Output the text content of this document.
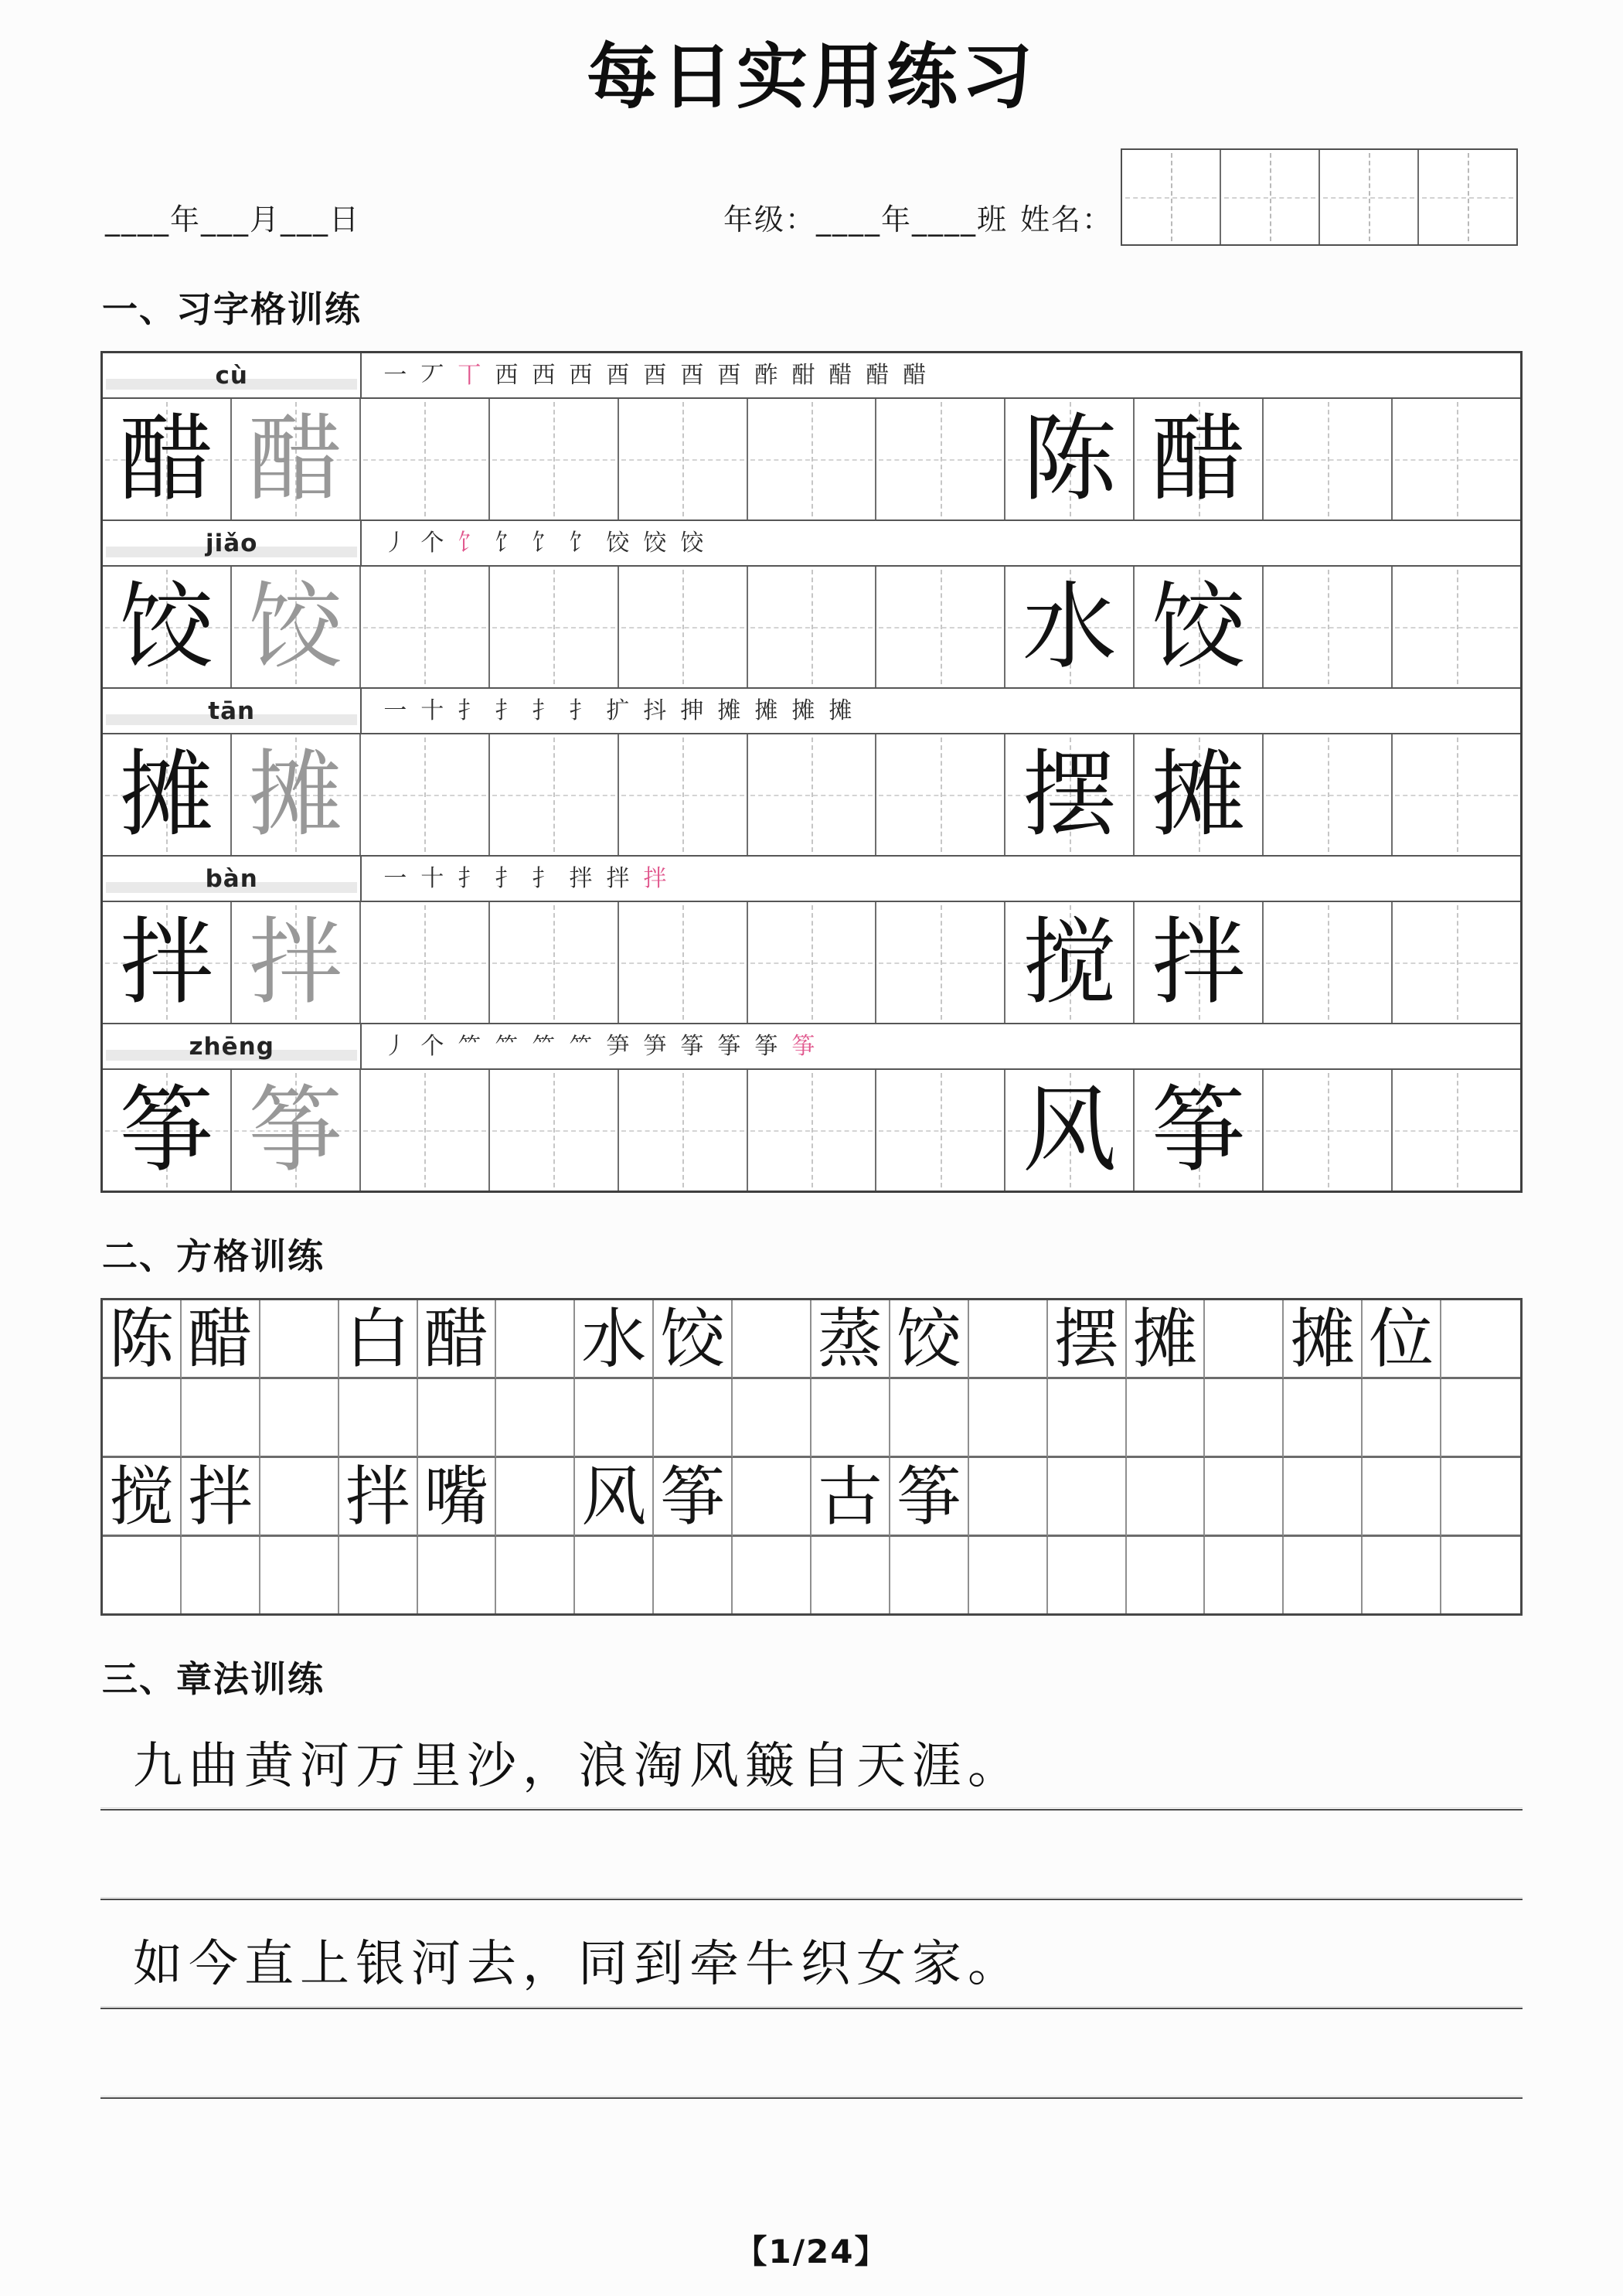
每日实用练习
____年___月___日	年级：____年____班 姓名：
一、习字格训练
cù	一 丆 丅 西 西 西 酉 酉 酉 酉 酢 酣 醋 醋 醋
醋 醋	陈 醋
jiǎo	丿 个 饣 饣 饣 饣 饺 饺 饺
饺 饺	水 饺
tān	一 十 扌 扌 扌 扌 扩 抖 抻 摊 摊 摊 摊
摊 摊	摆 摊
bàn	一 十 扌 扌 扌 拌 拌 拌
拌 拌	搅 拌
zhēng	丿 个 ⺮ ⺮ ⺮ ⺮ 笋 笋 筝 筝 筝 筝
筝 筝	风 筝
二、方格训练
陈 醋 白 醋 水 饺 蒸 饺 摆 摊 摊 位
搅 拌 拌 嘴 风 筝 古 筝
三、章法训练
九曲黄河万里沙，浪淘风簸自天涯。
如今直上银河去，同到牵牛织女家。
【1/24】
